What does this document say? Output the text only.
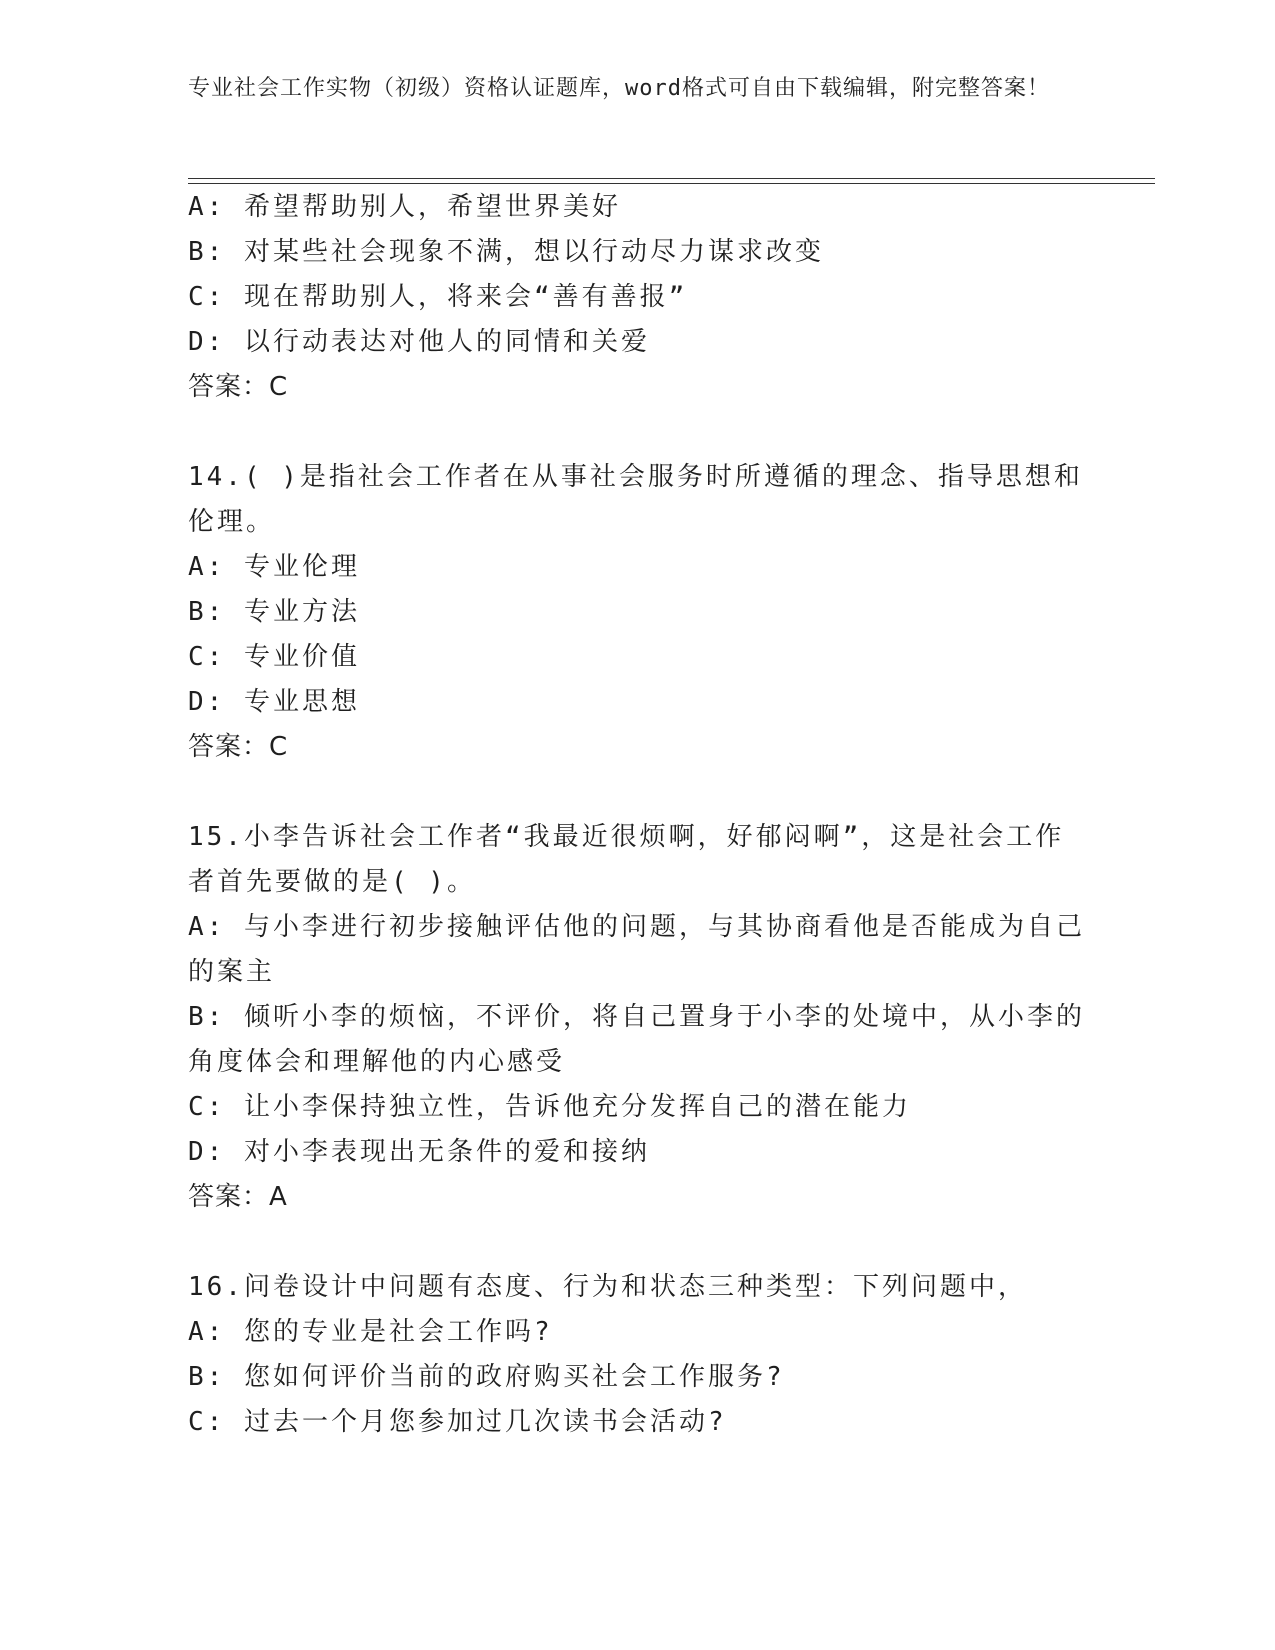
专业社会工作实物（初级）资格认证题库，word格式可自由下载编辑，附完整答案！
A: 希望帮助别人，希望世界美好
B: 对某些社会现象不满，想以行动尽力谋求改变
C: 现在帮助别人，将来会“善有善报”
D: 以行动表达对他人的同情和关爱
答案：C
14.( )是指社会工作者在从事社会服务时所遵循的理念、指导思想和
伦理。
A: 专业伦理
B: 专业方法
C: 专业价值
D: 专业思想
答案：C
15.小李告诉社会工作者“我最近很烦啊，好郁闷啊”，这是社会工作
者首先要做的是( )。
A: 与小李进行初步接触评估他的问题，与其协商看他是否能成为自己
的案主
B: 倾听小李的烦恼，不评价，将自己置身于小李的处境中，从小李的
角度体会和理解他的内心感受
C: 让小李保持独立性，告诉他充分发挥自己的潜在能力
D: 对小李表现出无条件的爱和接纳
答案：A
16.问卷设计中问题有态度、行为和状态三种类型：下列问题中，
A: 您的专业是社会工作吗?
B: 您如何评价当前的政府购买社会工作服务?
C: 过去一个月您参加过几次读书会活动?
